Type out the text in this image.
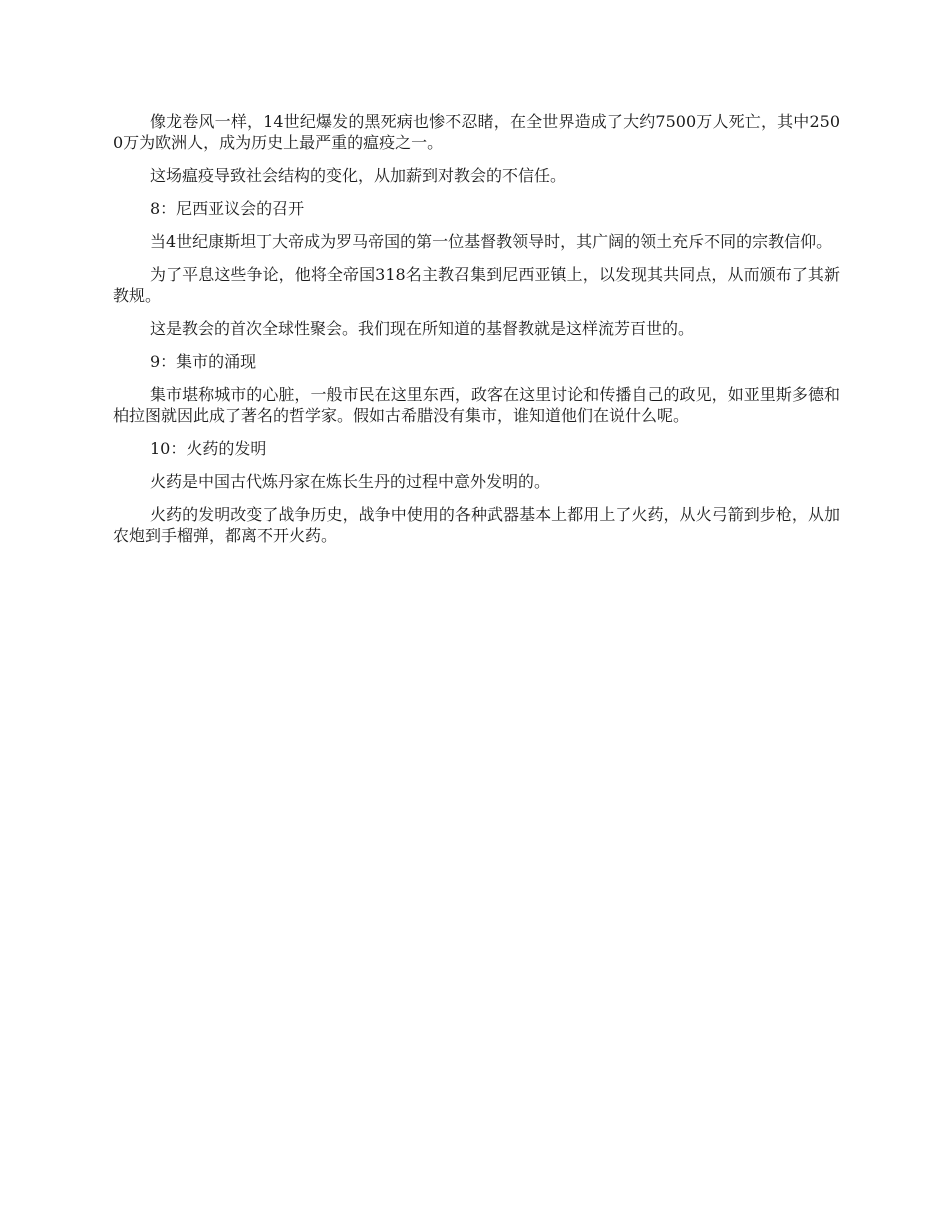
像龙卷风一样，14世纪爆发的黑死病也惨不忍睹，在全世界造成了大约7500万人死亡，其中2500万为欧洲人，成为历史上最严重的瘟疫之一。

这场瘟疫导致社会结构的变化，从加薪到对教会的不信任。

8：尼西亚议会的召开

当4世纪康斯坦丁大帝成为罗马帝国的第一位基督教领导时，其广阔的领土充斥不同的宗教信仰。

为了平息这些争论，他将全帝国318名主教召集到尼西亚镇上，以发现其共同点，从而颁布了其新教规。

这是教会的首次全球性聚会。我们现在所知道的基督教就是这样流芳百世的。

9：集市的涌现

集市堪称城市的心脏，一般市民在这里东西，政客在这里讨论和传播自己的政见，如亚里斯多德和柏拉图就因此成了著名的哲学家。假如古希腊没有集市，谁知道他们在说什么呢。

10：火药的发明

火药是中国古代炼丹家在炼长生丹的过程中意外发明的。

火药的发明改变了战争历史，战争中使用的各种武器基本上都用上了火药，从火弓箭到步枪，从加农炮到手榴弹，都离不开火药。
